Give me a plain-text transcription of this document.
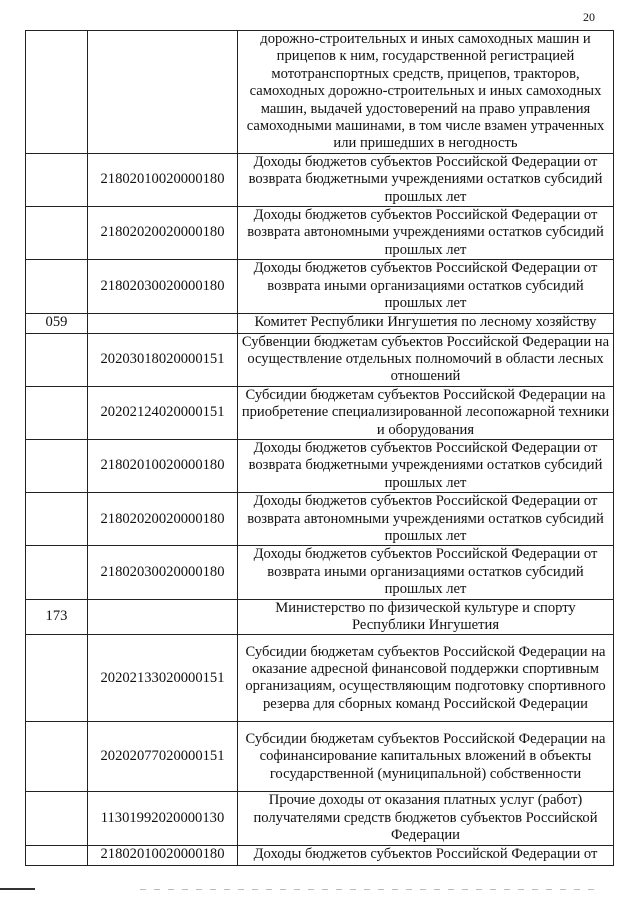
20
		дорожно-строительных и иных самоходных машин и прицепов к ним, государственной регистрацией мототранспортных средств, прицепов, тракторов, самоходных дорожно-строительных и иных самоходных машин, выдачей удостоверений на право управления самоходными машинами, в том числе взамен утраченных или пришедших в негодность
	21802010020000180	Доходы бюджетов субъектов Российской Федерации от возврата бюджетными учреждениями остатков субсидий прошлых лет
	21802020020000180	Доходы бюджетов субъектов Российской Федерации от возврата автономными учреждениями остатков субсидий прошлых лет
	21802030020000180	Доходы бюджетов субъектов Российской Федерации от возврата иными организациями остатков субсидий прошлых лет
059		Комитет Республики Ингушетия по лесному хозяйству
	20203018020000151	Субвенции бюджетам субъектов Российской Федерации на осуществление отдельных полномочий в области лесных отношений
	20202124020000151	Субсидии бюджетам субъектов Российской Федерации на приобретение специализированной лесопожарной техники и оборудования
	21802010020000180	Доходы бюджетов субъектов Российской Федерации от возврата бюджетными учреждениями остатков субсидий прошлых лет
	21802020020000180	Доходы бюджетов субъектов Российской Федерации от возврата автономными учреждениями остатков субсидий прошлых лет
	21802030020000180	Доходы бюджетов субъектов Российской Федерации от возврата иными организациями остатков субсидий прошлых лет
173		Министерство по физической культуре и спорту Республики Ингушетия
	20202133020000151	Субсидии бюджетам субъектов Российской Федерации на оказание адресной финансовой поддержки спортивным организациям, осуществляющим подготовку спортивного резерва для сборных команд Российской Федерации
	20202077020000151	Субсидии бюджетам субъектов Российской Федерации на софинансирование капитальных вложений в объекты государственной (муниципальной) собственности
	11301992020000130	Прочие доходы от оказания платных услуг (работ) получателями средств бюджетов субъектов Российской Федерации
	21802010020000180	Доходы бюджетов субъектов Российской Федерации от
